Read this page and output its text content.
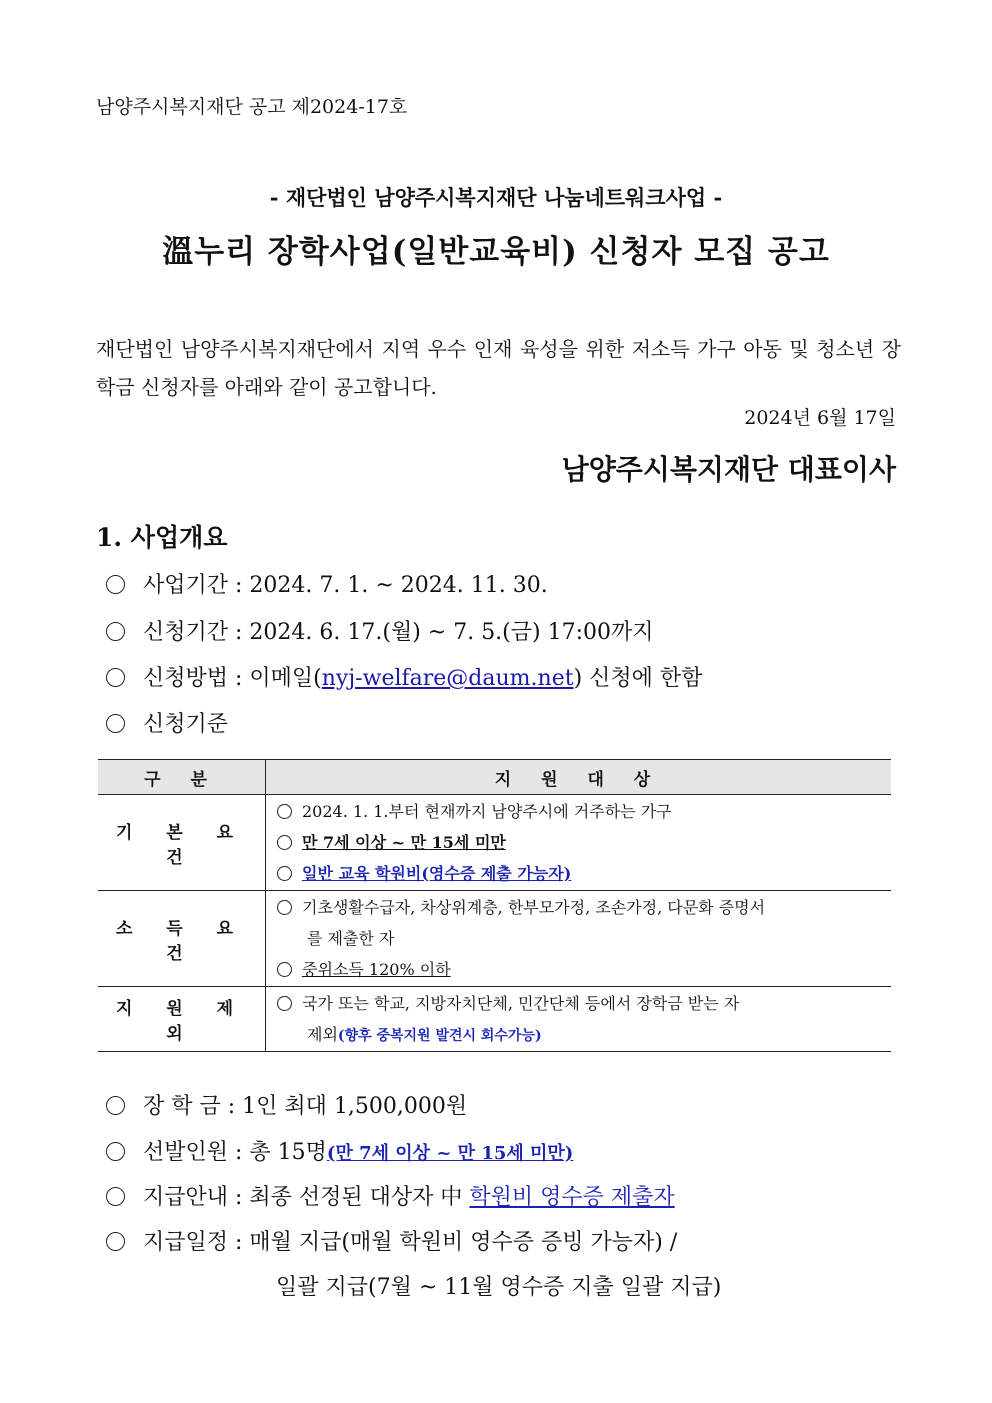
남양주시복지재단 공고 제2024-17호
- 재단법인 남양주시복지재단 나눔네트워크사업 -
溫누리 장학사업(일반교육비) 신청자 모집 공고
재단법인 남양주시복지재단에서 지역 우수 인재 육성을 위한 저소득 가구 아동 및 청소년 장학금 신청자를 아래와 같이 공고합니다.
2024년 6월 17일
남양주시복지재단 대표이사
1. 사업개요
사업기간 : 2024. 7. 1. ~ 2024. 11. 30.
신청기간 : 2024. 6. 17.(월) ~ 7. 5.(금) 17:00까지
신청방법 : 이메일(nyj-welfare@daum.net) 신청에 한함
신청기준
구 분	지 원 대 상
기 본 요 건	2024. 1. 1.부터 현재까지 남양주시에 거주하는 가구
만 7세 이상 ~ 만 15세 미만
일반 교육 학원비(영수증 제출 가능자)

소 득 요 건	기초생활수급자, 차상위계층, 한부모가정, 조손가정, 다문화 증명서
를 제출한 자
중위소득 120% 이하

지 원 제 외	국가 또는 학교, 지방자치단체, 민간단체 등에서 장학금 받는 자
제외(향후 중복지원 발견시 회수가능)
장 학 금 : 1인 최대 1,500,000원
선발인원 : 총 15명(만 7세 이상 ~ 만 15세 미만)
지급안내 : 최종 선정된 대상자 中 학원비 영수증 제출자
지급일정 : 매월 지급(매월 학원비 영수증 증빙 가능자) /
일괄 지급(7월 ~ 11월 영수증 지출 일괄 지급)
